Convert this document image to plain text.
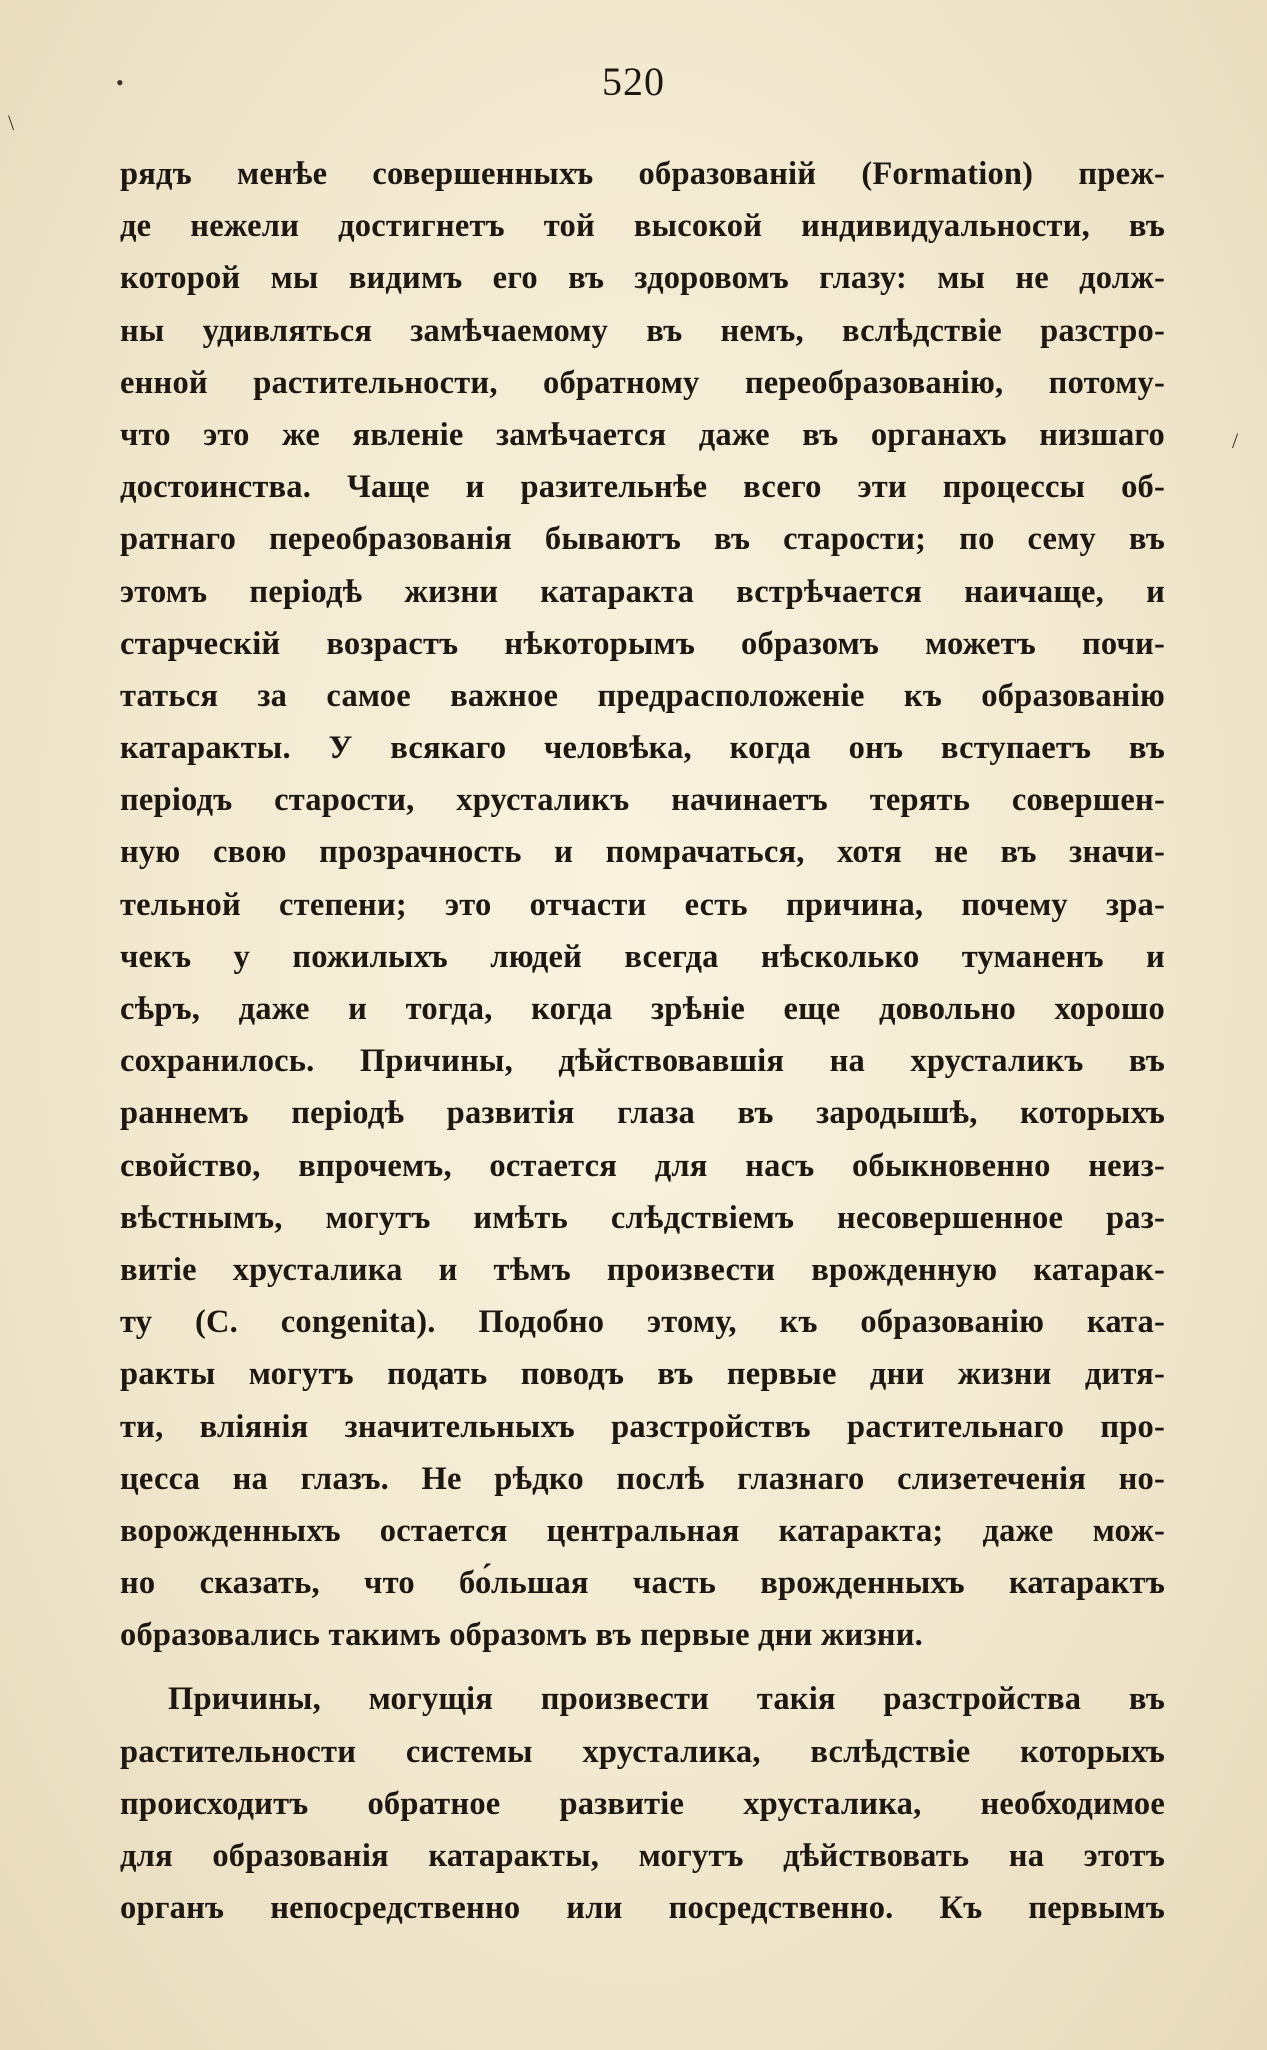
•
\
/
520
рядъ менѣе совершенныхъ образованій (Formation) преж-
де нежели достигнетъ той высокой индивидуальности, въ
которой мы видимъ его въ здоровомъ глазу: мы не долж-
ны удивляться замѣчаемому въ немъ, вслѣдствіе разстро-
енной растительности, обратному переобразованію, потому-
что это же явленіе замѣчается даже въ органахъ низшаго
достоинства. Чаще и разительнѣе всего эти процессы об-
ратнаго переобразованія бываютъ въ старости; по сему въ
этомъ періодѣ жизни катаракта встрѣчается наичаще, и
старческій возрастъ нѣкоторымъ образомъ можетъ почи-
таться за самое важное предрасположеніе къ образованію
катаракты. У всякаго человѣка, когда онъ вступаетъ въ
періодъ старости, хрусталикъ начинаетъ терять совершен-
ную свою прозрачность и помрачаться, хотя не въ значи-
тельной степени; это отчасти есть причина, почему зра-
чекъ у пожилыхъ людей всегда нѣсколько туманенъ и
сѣръ, даже и тогда, когда зрѣніе еще довольно хорошо
сохранилось. Причины, дѣйствовавшія на хрусталикъ въ
раннемъ періодѣ развитія глаза въ зародышѣ, которыхъ
свойство, впрочемъ, остается для насъ обыкновенно неиз-
вѣстнымъ, могутъ имѣть слѣдствіемъ несовершенное раз-
витіе хрусталика и тѣмъ произвести врожденную катарак-
ту (C. congenita). Подобно этому, къ образованію ката-
ракты могутъ подать поводъ въ первые дни жизни дитя-
ти, вліянія значительныхъ разстройствъ растительнаго про-
цесса на глазъ. Не рѣдко послѣ глазнаго слизетеченія но-
ворожденныхъ остается центральная катаракта; даже мож-
но сказать, что бо́льшая часть врожденныхъ катарактъ
образовались такимъ образомъ въ первые дни жизни.
Причины, могущія произвести такія разстройства въ
растительности системы хрусталика, вслѣдствіе которыхъ
происходитъ обратное развитіе хрусталика, необходимое
для образованія катаракты, могутъ дѣйствовать на этотъ
органъ непосредственно или посредственно. Къ первымъ
